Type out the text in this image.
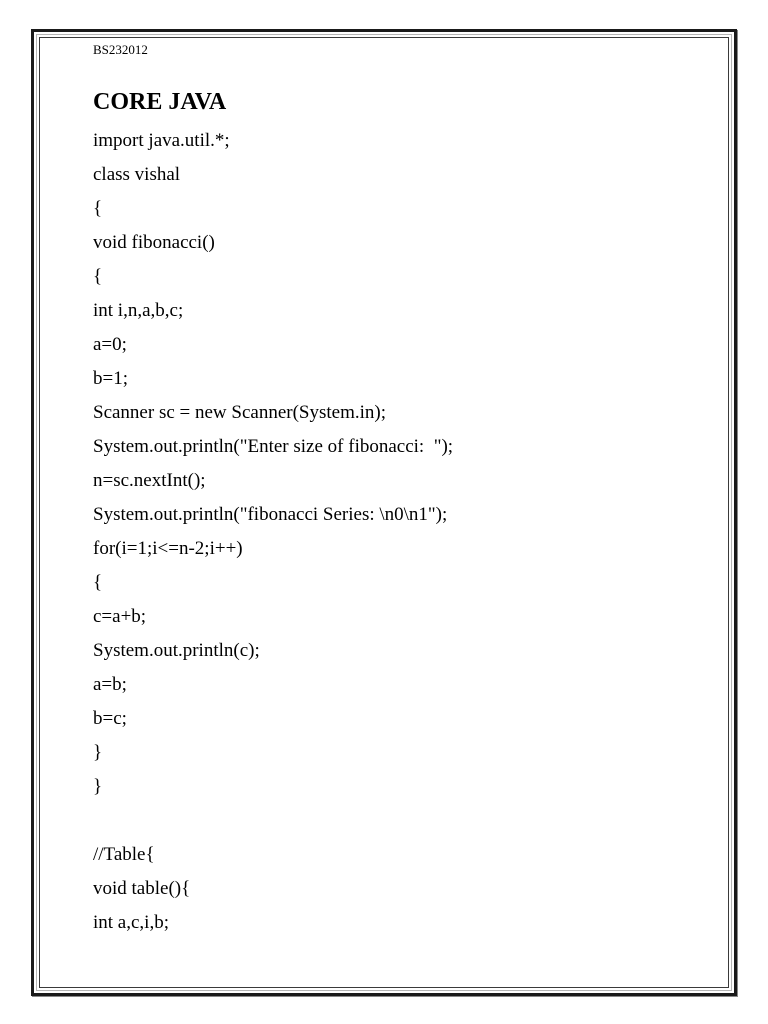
BS232012
CORE JAVA
import java.util.*;
class vishal
{
void fibonacci()
{
int i,n,a,b,c;
a=0;
b=1;
Scanner sc = new Scanner(System.in);
System.out.println("Enter size of fibonacci:  ");
n=sc.nextInt();
System.out.println("fibonacci Series: \n0\n1");
for(i=1;i<=n-2;i++)
{
c=a+b;
System.out.println(c);
a=b;
b=c;
}
}
//Table{
void table(){
int a,c,i,b;
